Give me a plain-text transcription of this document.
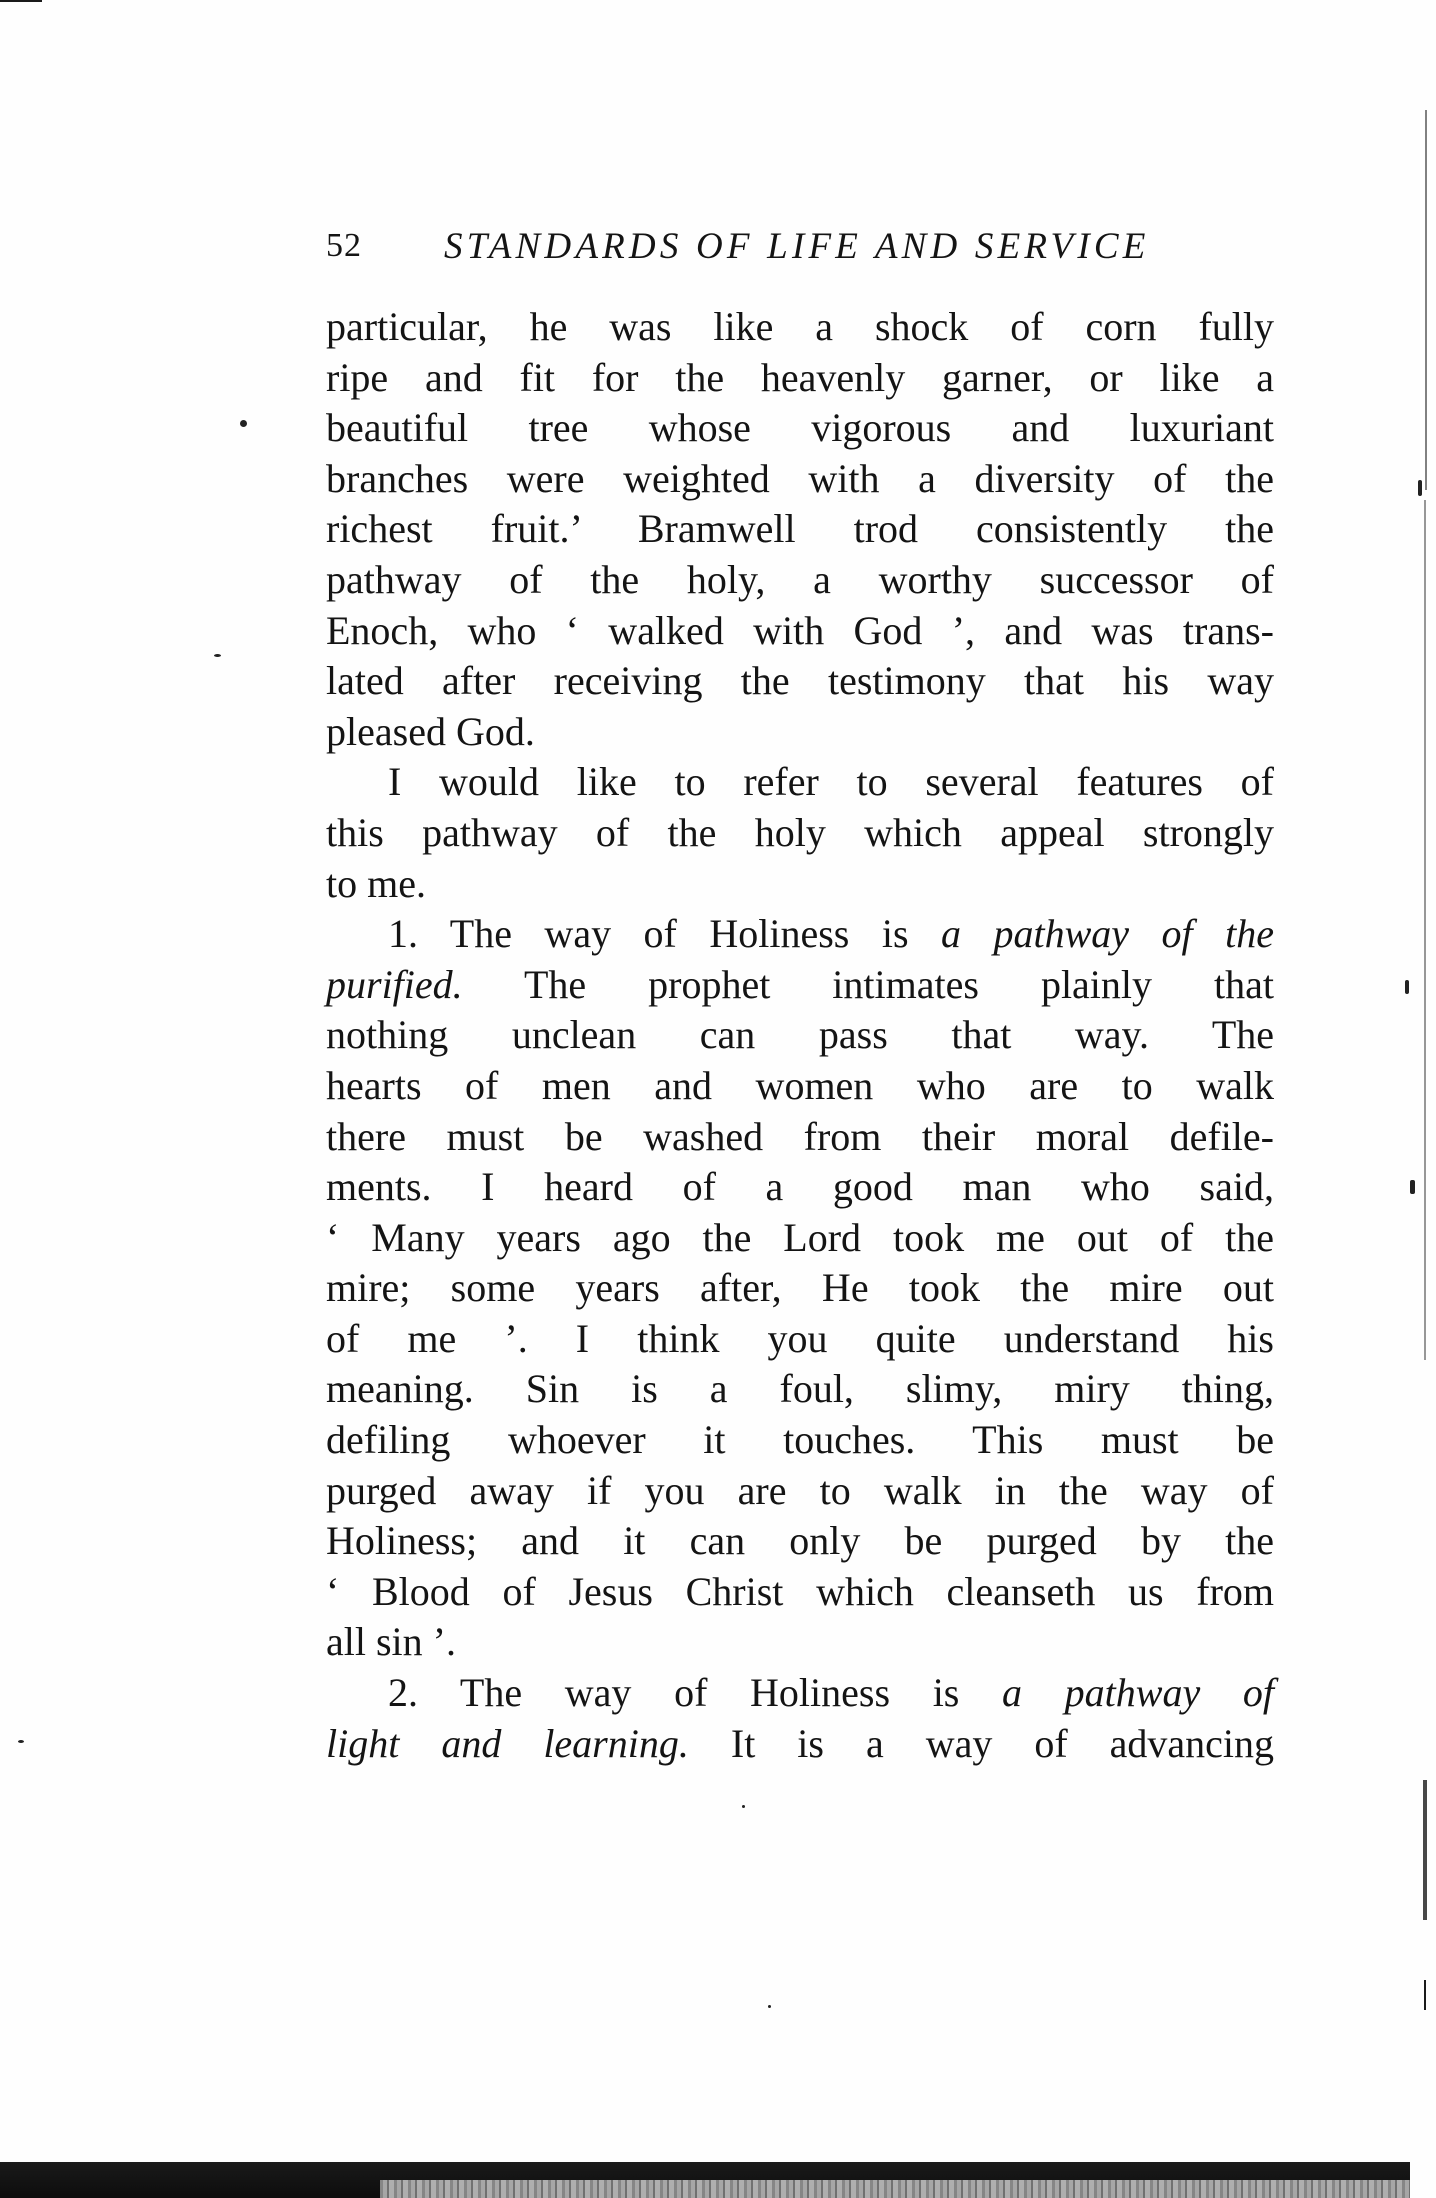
52 STANDARDS OF LIFE AND SERVICE
particular, he was like a shock of corn fully
ripe and fit for the heavenly garner, or like a
beautiful tree whose vigorous and luxuriant
branches were weighted with a diversity of the
richest fruit.’ Bramwell trod consistently the
pathway of the holy, a worthy successor of
Enoch, who ‘ walked with God ’, and was trans-
lated after receiving the testimony that his way
pleased God.
I would like to refer to several features of
this pathway of the holy which appeal strongly
to me.
1. The way of Holiness is a pathway of the
purified. The prophet intimates plainly that
nothing unclean can pass that way. The
hearts of men and women who are to walk
there must be washed from their moral defile-
ments. I heard of a good man who said,
‘ Many years ago the Lord took me out of the
mire; some years after, He took the mire out
of me ’. I think you quite understand his
meaning. Sin is a foul, slimy, miry thing,
defiling whoever it touches. This must be
purged away if you are to walk in the way of
Holiness; and it can only be purged by the
‘ Blood of Jesus Christ which cleanseth us from
all sin ’.
2. The way of Holiness is a pathway of
light and learning. It is a way of advancing
